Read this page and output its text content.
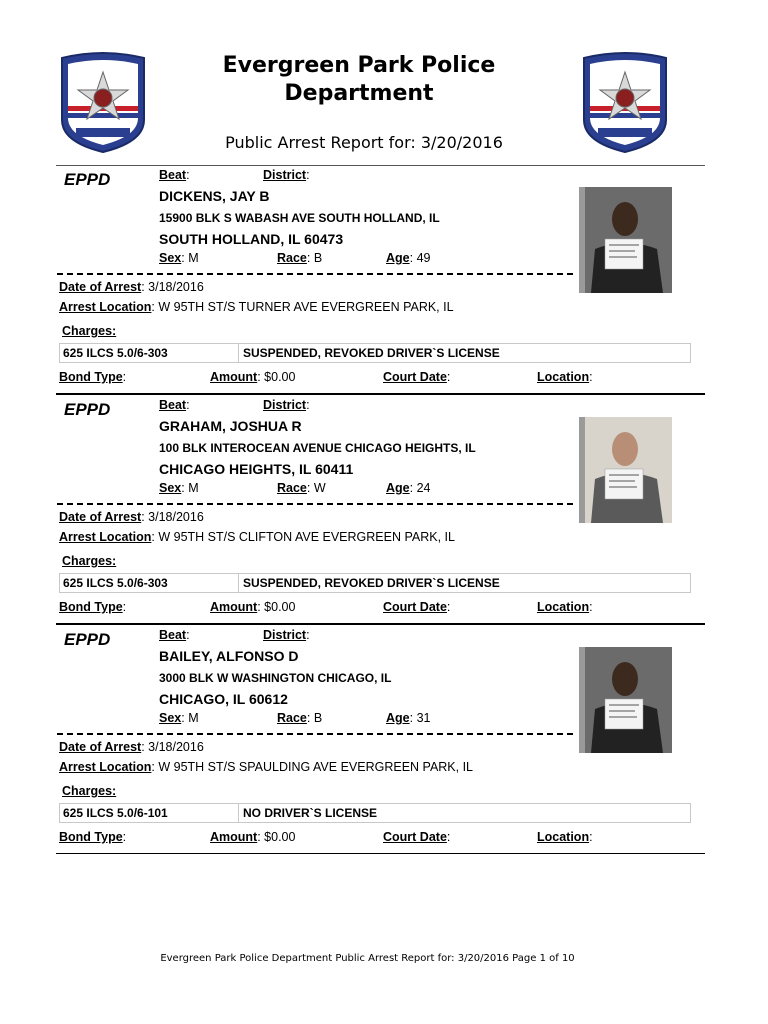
Evergreen Park Police
Department
Public Arrest Report for: 3/20/2016
EPPD	Beat:	District:
DICKENS, JAY B
15900 BLK S WABASH AVE SOUTH HOLLAND, IL
SOUTH HOLLAND, IL 60473
Sex: M	Race: B	Age: 49
Date of Arrest: 3/18/2016
Arrest Location: W 95TH ST/S TURNER AVE EVERGREEN PARK, IL
Charges:
625 ILCS 5.0/6-303	SUSPENDED, REVOKED DRIVER`S LICENSE
Bond Type:	Amount: $0.00	Court Date:	Location:
EPPD	Beat:	District:
GRAHAM, JOSHUA R
100 BLK INTEROCEAN AVENUE CHICAGO HEIGHTS, IL
CHICAGO HEIGHTS, IL 60411
Sex: M	Race: W	Age: 24
Date of Arrest: 3/18/2016
Arrest Location: W 95TH ST/S CLIFTON AVE EVERGREEN PARK, IL
Charges:
625 ILCS 5.0/6-303	SUSPENDED, REVOKED DRIVER`S LICENSE
Bond Type:	Amount: $0.00	Court Date:	Location:
EPPD	Beat:	District:
BAILEY, ALFONSO D
3000 BLK W WASHINGTON CHICAGO, IL
CHICAGO, IL 60612
Sex: M	Race: B	Age: 31
Date of Arrest: 3/18/2016
Arrest Location: W 95TH ST/S SPAULDING AVE EVERGREEN PARK, IL
Charges:
625 ILCS 5.0/6-101	NO DRIVER`S LICENSE
Bond Type:	Amount: $0.00	Court Date:	Location:
Evergreen Park Police Department Public Arrest Report for: 3/20/2016 Page 1 of 10
